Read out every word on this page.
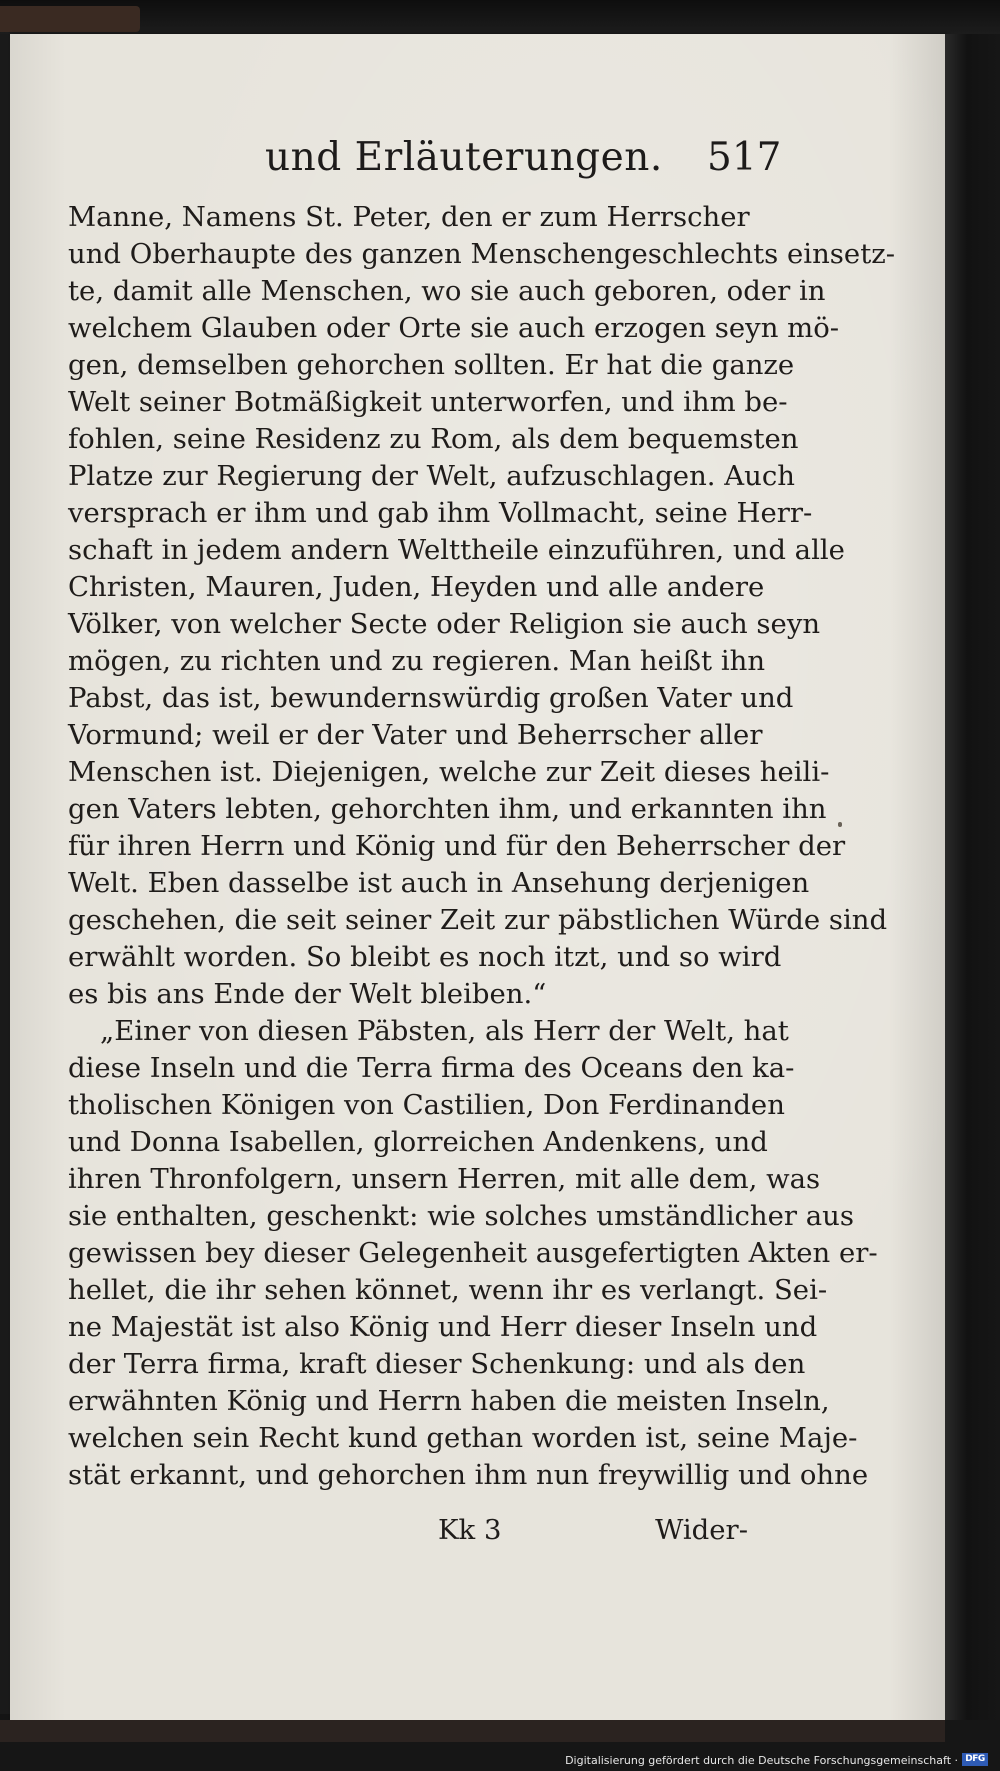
und Erläuterungen. 517
Manne, Namens St. Peter, den er zum Herrscher
und Oberhaupte des ganzen Menschengeschlechts einsetz-
te, damit alle Menschen, wo sie auch geboren, oder in
welchem Glauben oder Orte sie auch erzogen seyn mö-
gen, demselben gehorchen sollten. Er hat die ganze
Welt seiner Botmäßigkeit unterworfen, und ihm be-
fohlen, seine Residenz zu Rom, als dem bequemsten
Platze zur Regierung der Welt, aufzuschlagen. Auch
versprach er ihm und gab ihm Vollmacht, seine Herr-
schaft in jedem andern Welttheile einzuführen, und alle
Christen, Mauren, Juden, Heyden und alle andere
Völker, von welcher Secte oder Religion sie auch seyn
mögen, zu richten und zu regieren. Man heißt ihn
Pabst, das ist, bewundernswürdig großen Vater und
Vormund; weil er der Vater und Beherrscher aller
Menschen ist. Diejenigen, welche zur Zeit dieses heili-
gen Vaters lebten, gehorchten ihm, und erkannten ihn
für ihren Herrn und König und für den Beherrscher der
Welt. Eben dasselbe ist auch in Ansehung derjenigen
geschehen, die seit seiner Zeit zur päbstlichen Würde sind
erwählt worden. So bleibt es noch itzt, und so wird
es bis ans Ende der Welt bleiben.“
„Einer von diesen Päbsten, als Herr der Welt, hat
diese Inseln und die Terra firma des Oceans den ka-
tholischen Königen von Castilien, Don Ferdinanden
und Donna Isabellen, glorreichen Andenkens, und
ihren Thronfolgern, unsern Herren, mit alle dem, was
sie enthalten, geschenkt: wie solches umständlicher aus
gewissen bey dieser Gelegenheit ausgefertigten Akten er-
hellet, die ihr sehen könnet, wenn ihr es verlangt. Sei-
ne Majestät ist also König und Herr dieser Inseln und
der Terra firma, kraft dieser Schenkung: und als den
erwähnten König und Herrn haben die meisten Inseln,
welchen sein Recht kund gethan worden ist, seine Maje-
stät erkannt, und gehorchen ihm nun freywillig und ohne
Kk 3	Wider-
Digitalisierung gefördert durch die Deutsche Forschungsgemeinschaft · DFG
